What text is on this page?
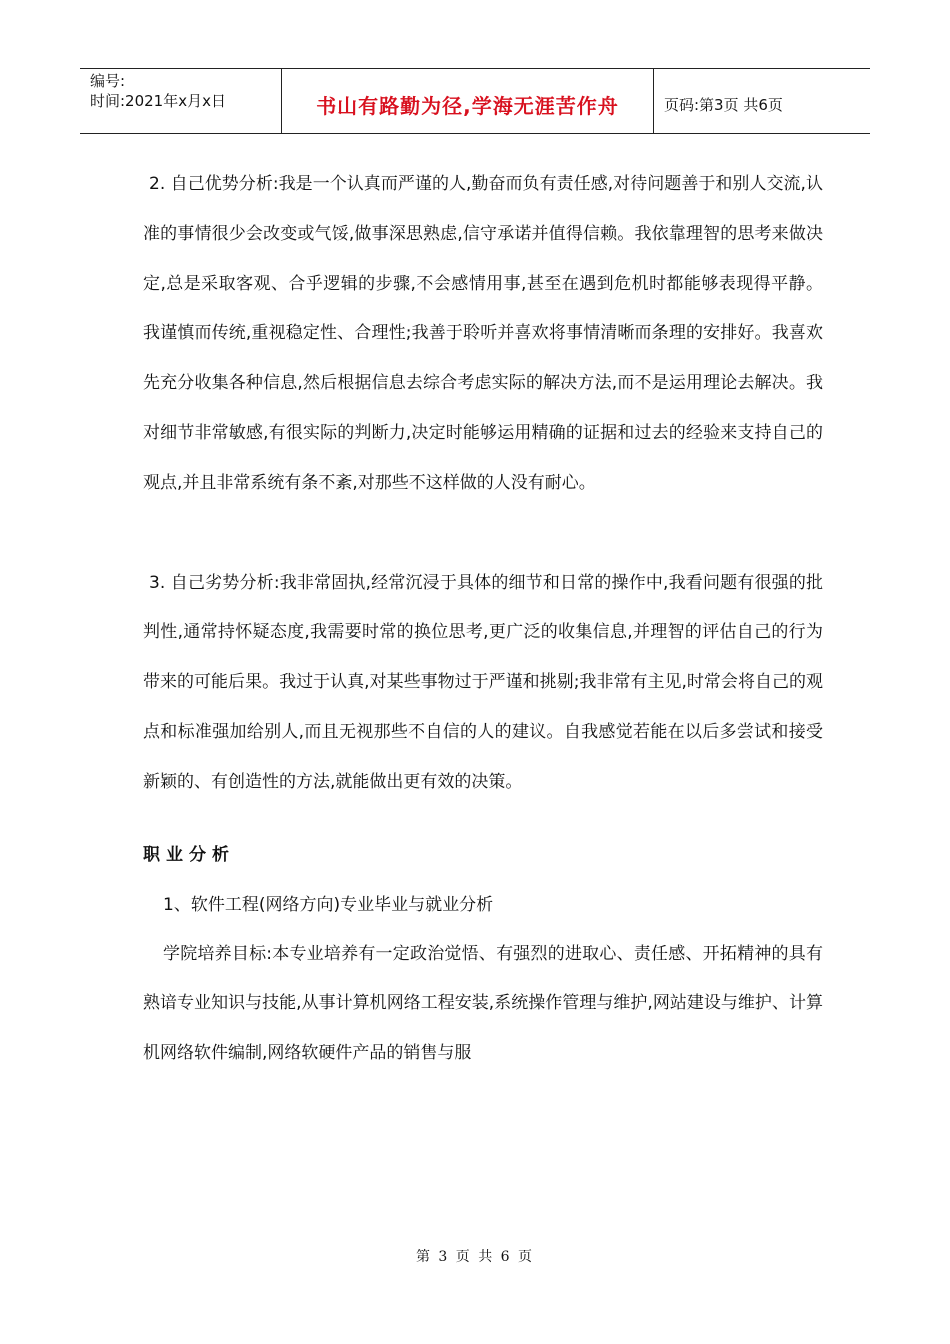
编号:
时间:2021年x月x日	书山有路勤为径,学海无涯苦作舟	页码:第3页 共6页

2. 自己优势分析:我是一个认真而严谨的人,勤奋而负有责任感,对待问题善于和别人交流,认准的事情很少会改变或气馁,做事深思熟虑,信守承诺并值得信赖。我依靠理智的思考来做决定,总是采取客观、合乎逻辑的步骤,不会感情用事,甚至在遇到危机时都能够表现得平静。 我谨慎而传统,重视稳定性、合理性;我善于聆听并喜欢将事情清晰而条理的安排好。我喜欢先充分收集各种信息,然后根据信息去综合考虑实际的解决方法,而不是运用理论去解决。我对细节非常敏感,有很实际的判断力,决定时能够运用精确的证据和过去的经验来支持自己的观点,并且非常系统有条不紊,对那些不这样做的人没有耐心。

3. 自己劣势分析:我非常固执,经常沉浸于具体的细节和日常的操作中,我看问题有很强的批判性,通常持怀疑态度,我需要时常的换位思考,更广泛的收集信息,并理智的评估自己的行为带来的可能后果。我过于认真,对某些事物过于严谨和挑剔;我非常有主见,时常会将自己的观点和标准强加给别人,而且无视那些不自信的人的建议。自我感觉若能在以后多尝试和接受新颖的、有创造性的方法,就能做出更有效的决策。

职业分析

1、软件工程(网络方向)专业毕业与就业分析

学院培养目标:本专业培养有一定政治觉悟、有强烈的进取心、责任感、开拓精神的具有熟谙专业知识与技能,从事计算机网络工程安装,系统操作管理与维护,网站建设与维护、计算机网络软件编制,网络软硬件产品的销售与服

第 3 页 共 6 页
